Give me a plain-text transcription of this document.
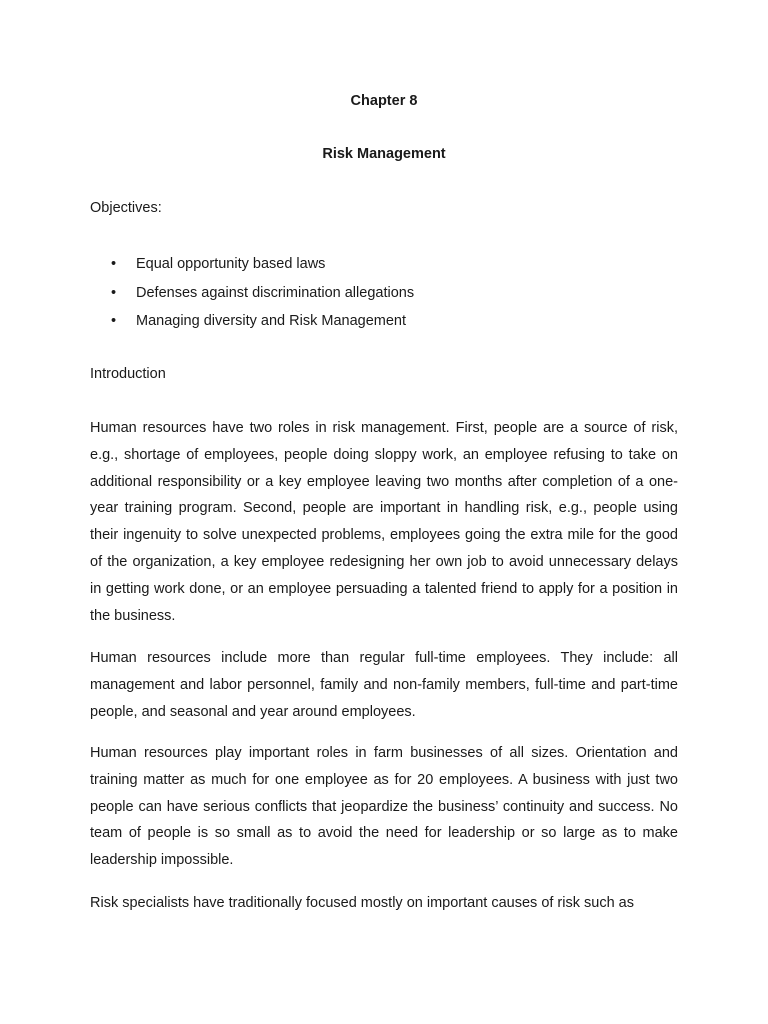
Chapter 8
Risk Management

Objectives:

• Equal opportunity based laws
• Defenses against discrimination allegations
• Managing diversity and Risk Management

Introduction

Human resources have two roles in risk management. First, people are a source of risk, e.g., shortage of employees, people doing sloppy work, an employee refusing to take on additional responsibility or a key employee leaving two months after completion of a one-year training program. Second, people are important in handling risk, e.g., people using their ingenuity to solve unexpected problems, employees going the extra mile for the good of the organization, a key employee redesigning her own job to avoid unnecessary delays in getting work done, or an employee persuading a talented friend to apply for a position in the business.

Human resources include more than regular full-time employees. They include: all management and labor personnel, family and non-family members, full-time and part-time people, and seasonal and year around employees.

Human resources play important roles in farm businesses of all sizes. Orientation and training matter as much for one employee as for 20 employees. A business with just two people can have serious conflicts that jeopardize the business’ continuity and success. No team of people is so small as to avoid the need for leadership or so large as to make leadership impossible.

Risk specialists have traditionally focused mostly on important causes of risk such as
